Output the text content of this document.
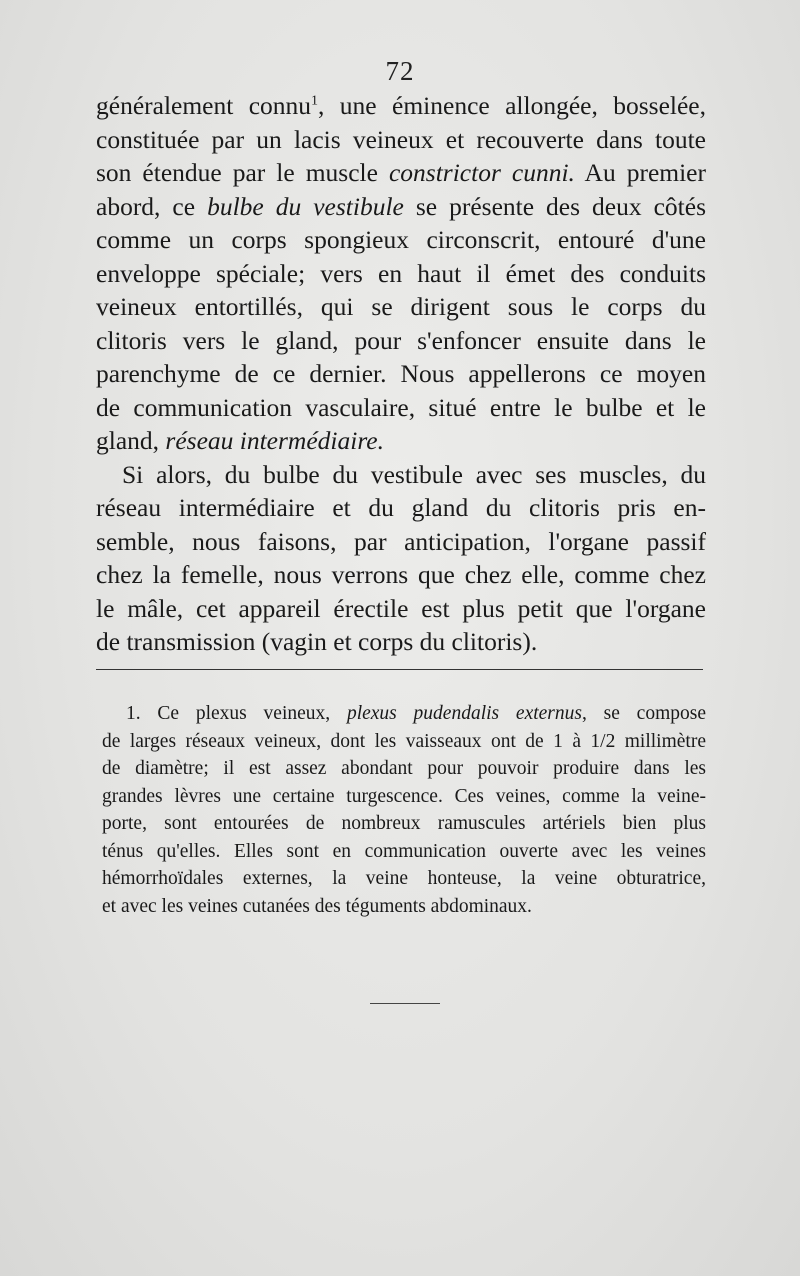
72
généralement connu$^1$, une éminence allongée, bosselée,
constituée par un lacis veineux et recouverte dans toute
son étendue par le muscle constrictor cunni. Au premier
abord, ce bulbe du vestibule se présente des deux côtés
comme un corps spongieux circonscrit, entouré d'une
enveloppe spéciale; vers en haut il émet des conduits
veineux entortillés, qui se dirigent sous le corps du
clitoris vers le gland, pour s'enfoncer ensuite dans le
parenchyme de ce dernier. Nous appellerons ce moyen
de communication vasculaire, situé entre le bulbe et le
gland, réseau intermédiaire.
Si alors, du bulbe du vestibule avec ses muscles, du
réseau intermédiaire et du gland du clitoris pris en-
semble, nous faisons, par anticipation, l'organe passif
chez la femelle, nous verrons que chez elle, comme chez
le mâle, cet appareil érectile est plus petit que l'organe
de transmission (vagin et corps du clitoris).
1. Ce plexus veineux, plexus pudendalis externus, se compose
de larges réseaux veineux, dont les vaisseaux ont de 1 à 1/2 millimètre
de diamètre; il est assez abondant pour pouvoir produire dans les
grandes lèvres une certaine turgescence. Ces veines, comme la veine-
porte, sont entourées de nombreux ramuscules artériels bien plus
ténus qu'elles. Elles sont en communication ouverte avec les veines
hémorrhoïdales externes, la veine honteuse, la veine obturatrice,
et avec les veines cutanées des téguments abdominaux.
